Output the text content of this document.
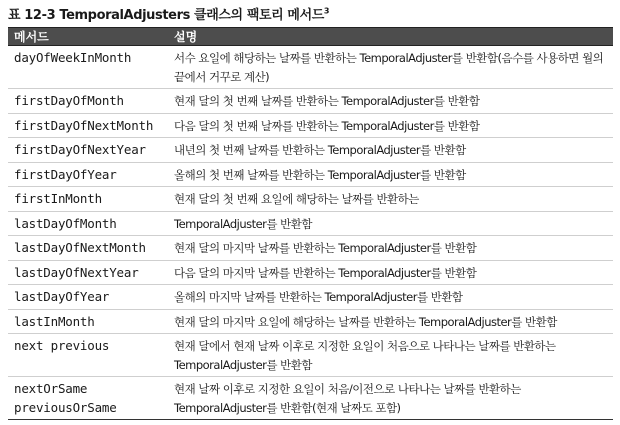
표 12-3 TemporalAdjusters 클래스의 팩토리 메서드$^3$
메서드	설명

dayOfWeekInMonth	서수 요일에 해당하는 날짜를 반환하는 TemporalAdjuster를 반환함(음수를 사용하면 월의 끝에서 거꾸로 계산)

firstDayOfMonth	현재 달의 첫 번째 날짜를 반환하는 TemporalAdjuster를 반환함

firstDayOfNextMonth	다음 달의 첫 번째 날짜를 반환하는 TemporalAdjuster를 반환함

firstDayOfNextYear	내년의 첫 번째 날짜를 반환하는 TemporalAdjuster를 반환함

firstDayOfYear	올해의 첫 번째 날짜를 반환하는 TemporalAdjuster를 반환함

firstInMonth	현재 달의 첫 번째 요일에 해당하는 날짜를 반환하는

lastDayOfMonth	TemporalAdjuster를 반환함

lastDayOfNextMonth	현재 달의 마지막 날짜를 반환하는 TemporalAdjuster를 반환함

lastDayOfNextYear	다음 달의 마지막 날짜를 반환하는 TemporalAdjuster를 반환함

lastDayOfYear	올해의 마지막 날짜를 반환하는 TemporalAdjuster를 반환함

lastInMonth	현재 달의 마지막 요일에 해당하는 날짜를 반환하는 TemporalAdjuster를 반환함

next previous	현재 달에서 현재 날짜 이후로 지정한 요일이 처음으로 나타나는 날짜를 반환하는 TemporalAdjuster를 반환함

nextOrSame
previousOrSame	현재 날짜 이후로 지정한 요일이 처음/이전으로 나타나는 날짜를 반환하는 TemporalAdjuster를 반환함(현재 날짜도 포함)
